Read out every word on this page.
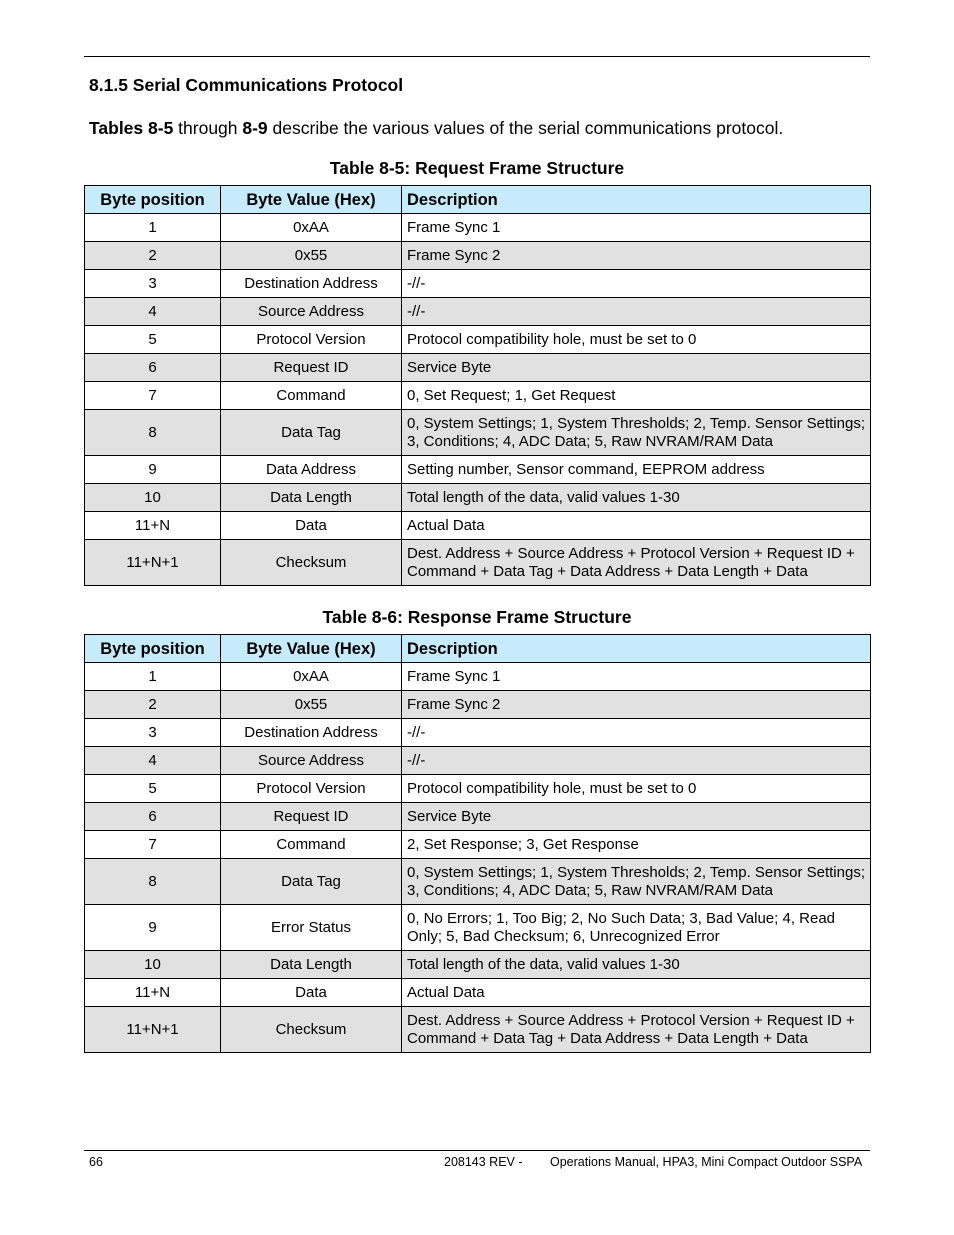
8.1.5 Serial Communications Protocol
Tables 8-5 through 8-9 describe the various values of the serial communications protocol.
Table 8-5: Request Frame Structure
Byte position	Byte Value (Hex)	Description
1	0xAA	Frame Sync 1
2	0x55	Frame Sync 2
3	Destination Address	-//-
4	Source Address	-//-
5	Protocol Version	Protocol compatibility hole, must be set to 0
6	Request ID	Service Byte
7	Command	0, Set Request; 1, Get Request
8	Data Tag	0, System Settings; 1, System Thresholds; 2, Temp. Sensor Settings; 3, Conditions; 4, ADC Data; 5, Raw NVRAM/RAM Data
9	Data Address	Setting number, Sensor command, EEPROM address
10	Data Length	Total length of the data, valid values 1-30
11+N	Data	Actual Data
11+N+1	Checksum	Dest. Address + Source Address + Protocol Version + Request ID + Command + Data Tag + Data Address + Data Length + Data
Table 8-6: Response Frame Structure
Byte position	Byte Value (Hex)	Description
1	0xAA	Frame Sync 1
2	0x55	Frame Sync 2
3	Destination Address	-//-
4	Source Address	-//-
5	Protocol Version	Protocol compatibility hole, must be set to 0
6	Request ID	Service Byte
7	Command	2, Set Response; 3, Get Response
8	Data Tag	0, System Settings; 1, System Thresholds; 2, Temp. Sensor Settings; 3, Conditions; 4, ADC Data; 5, Raw NVRAM/RAM Data
9	Error Status	0, No Errors; 1, Too Big; 2, No Such Data; 3, Bad Value; 4, Read Only; 5, Bad Checksum; 6, Unrecognized Error
10	Data Length	Total length of the data, valid values 1-30
11+N	Data	Actual Data
11+N+1	Checksum	Dest. Address + Source Address + Protocol Version + Request ID + Command + Data Tag + Data Address + Data Length + Data
66	208143 REV - Operations Manual, HPA3, Mini Compact Outdoor SSPA
